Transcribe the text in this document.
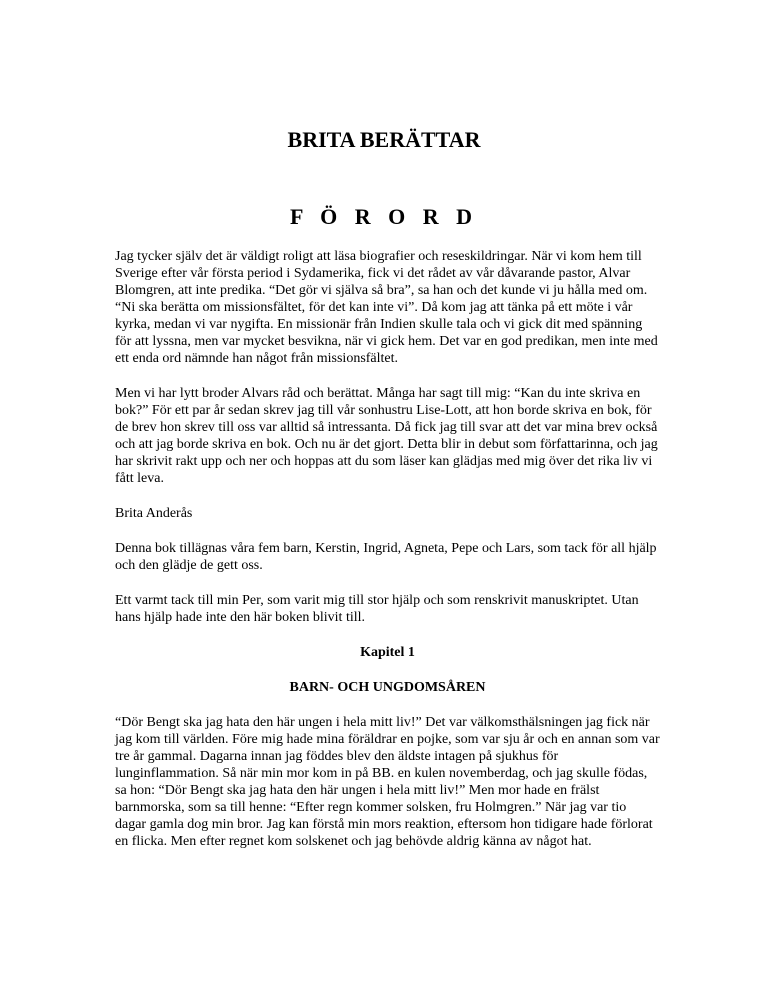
BRITA BERÄTTAR
F Ö R O R D

Jag tycker själv det är väldigt roligt att läsa biografier och reseskildringar. När vi kom hem till Sverige efter vår första period i Sydamerika, fick vi det rådet av vår dåvarande pastor, Alvar Blomgren, att inte predika. “Det gör vi själva så bra”, sa han och det kunde vi ju hålla med om. “Ni ska berätta om missionsfältet, för det kan inte vi”. Då kom jag att tänka på ett möte i vår kyrka, medan vi var nygifta. En missionär från Indien skulle tala och vi gick dit med spänning för att lyssna, men var mycket besvikna, när vi gick hem. Det var en god predikan, men inte med ett enda ord nämnde han något från missionsfältet.

Men vi har lytt broder Alvars råd och berättat. Många har sagt till mig: “Kan du inte skriva en bok?” För ett par år sedan skrev jag till vår sonhustru Lise-Lott, att hon borde skriva en bok, för de brev hon skrev till oss var alltid så intressanta. Då fick jag till svar att det var mina brev också och att jag borde skriva en bok. Och nu är det gjort. Detta blir in debut som författarinna, och jag har skrivit rakt upp och ner och hoppas att du som läser kan glädjas med mig över det rika liv vi fått leva.

Brita Anderås

Denna bok tillägnas våra fem barn, Kerstin, Ingrid, Agneta, Pepe och Lars, som tack för all hjälp och den glädje de gett oss.

Ett varmt tack till min Per, som varit mig till stor hjälp och som renskrivit manuskriptet. Utan hans hjälp hade inte den här boken blivit till.

Kapitel 1

BARN- OCH UNGDOMSÅREN

“Dör Bengt ska jag hata den här ungen i hela mitt liv!” Det var välkomsthälsningen jag fick när jag kom till världen. Före mig hade mina föräldrar en pojke, som var sju år och en annan som var tre år gammal. Dagarna innan jag föddes blev den äldste intagen på sjukhus för lunginflammation. Så när min mor kom in på BB. en kulen novemberdag, och jag skulle födas, sa hon: “Dör Bengt ska jag hata den här ungen i hela mitt liv!” Men mor hade en frälst barnmorska, som sa till henne: “Efter regn kommer solsken, fru Holmgren.” När jag var tio dagar gamla dog min bror. Jag kan förstå min mors reaktion, eftersom hon tidigare hade förlorat en flicka. Men efter regnet kom solskenet och jag behövde aldrig känna av något hat.
